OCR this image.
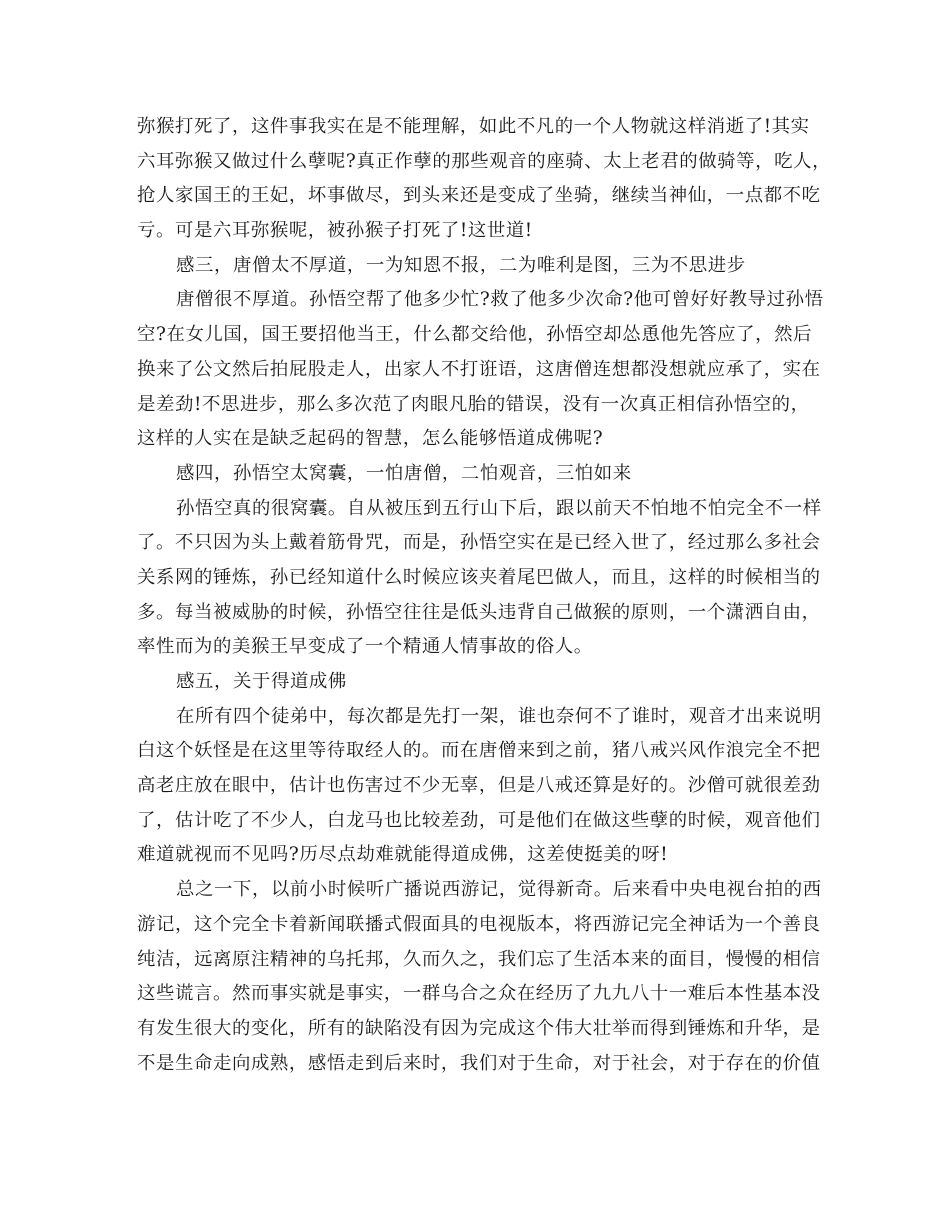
弥猴打死了，这件事我实在是不能理解，如此不凡的一个人物就这样消逝了!其实
六耳弥猴又做过什么孽呢?真正作孽的那些观音的座骑、太上老君的做骑等，吃人，
抢人家国王的王妃，坏事做尽，到头来还是变成了坐骑，继续当神仙，一点都不吃
亏。可是六耳弥猴呢，被孙猴子打死了!这世道!
感三，唐僧太不厚道，一为知恩不报，二为唯利是图，三为不思进步
唐僧很不厚道。孙悟空帮了他多少忙?救了他多少次命?他可曾好好教导过孙悟
空?在女儿国，国王要招他当王，什么都交给他，孙悟空却怂恿他先答应了，然后
换来了公文然后拍屁股走人，出家人不打诳语，这唐僧连想都没想就应承了，实在
是差劲!不思进步，那么多次范了肉眼凡胎的错误，没有一次真正相信孙悟空的，
这样的人实在是缺乏起码的智慧，怎么能够悟道成佛呢?
感四，孙悟空太窝囊，一怕唐僧，二怕观音，三怕如来
孙悟空真的很窝囊。自从被压到五行山下后，跟以前天不怕地不怕完全不一样
了。不只因为头上戴着筋骨咒，而是，孙悟空实在是已经入世了，经过那么多社会
关系网的锤炼，孙已经知道什么时候应该夹着尾巴做人，而且，这样的时候相当的
多。每当被威胁的时候，孙悟空往往是低头违背自己做猴的原则，一个潇洒自由，
率性而为的美猴王早变成了一个精通人情事故的俗人。
感五，关于得道成佛
在所有四个徒弟中，每次都是先打一架，谁也奈何不了谁时，观音才出来说明
白这个妖怪是在这里等待取经人的。而在唐僧来到之前，猪八戒兴风作浪完全不把
高老庄放在眼中，估计也伤害过不少无辜，但是八戒还算是好的。沙僧可就很差劲
了，估计吃了不少人，白龙马也比较差劲，可是他们在做这些孽的时候，观音他们
难道就视而不见吗?历尽点劫难就能得道成佛，这差使挺美的呀!
总之一下，以前小时候听广播说西游记，觉得新奇。后来看中央电视台拍的西
游记，这个完全卡着新闻联播式假面具的电视版本，将西游记完全神话为一个善良
纯洁，远离原注精神的乌托邦，久而久之，我们忘了生活本来的面目，慢慢的相信
这些谎言。然而事实就是事实，一群乌合之众在经历了九九八十一难后本性基本没
有发生很大的变化，所有的缺陷没有因为完成这个伟大壮举而得到锤炼和升华，是
不是生命走向成熟，感悟走到后来时，我们对于生命，对于社会，对于存在的价值
